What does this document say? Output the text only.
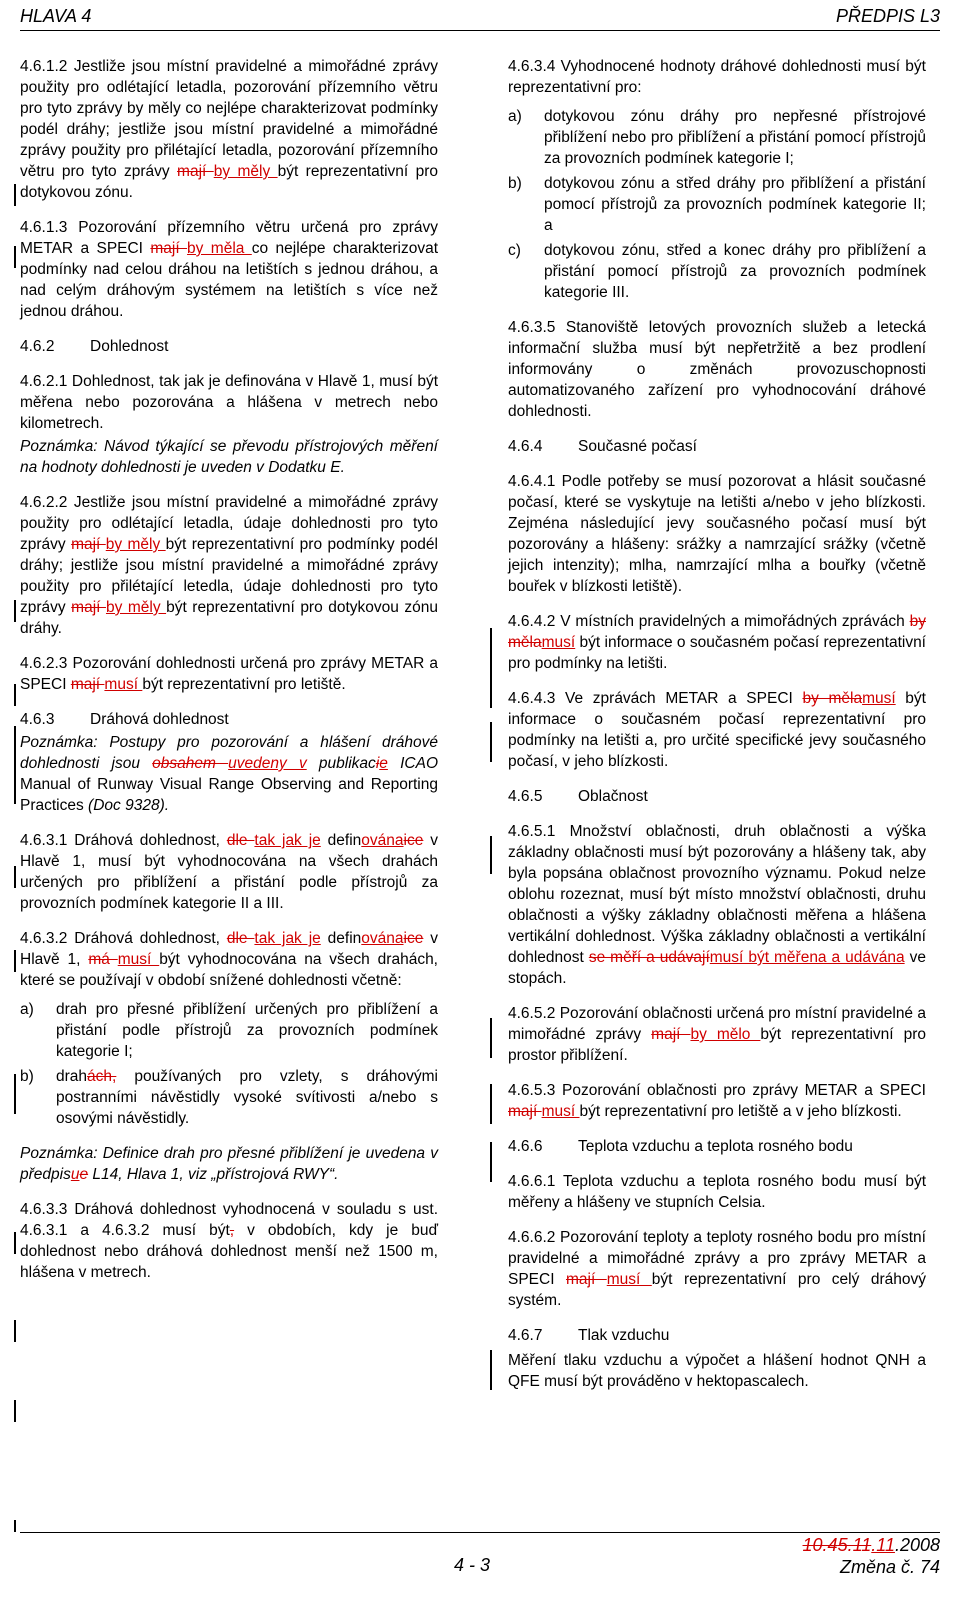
HLAVA 4	PŘEDPIS L3

4.6.1.2 Jestliže jsou místní pravidelné a mimořádné zprávy použity pro odlétající letadla, pozorování přízemního větru pro tyto zprávy by měly co nejlépe charakterizovat podmínky podél dráhy; jestliže jsou místní pravidelné a mimořádné zprávy použity pro přilétající letadla, pozorování přízemního větru pro tyto zprávy mají by měly být reprezentativní pro dotykovou zónu.

4.6.1.3 Pozorování přízemního větru určená pro zprávy METAR a SPECI mají by měla co nejlépe charakterizovat podmínky nad celou dráhou na letištích s jednou dráhou, a nad celým dráhovým systémem na letištích s více než jednou dráhou.

4.6.2 Dohlednost

4.6.2.1 Dohlednost, tak jak je definována v Hlavě 1, musí být měřena nebo pozorována a hlášena v metrech nebo kilometrech.

Poznámka: Návod týkající se převodu přístrojových měření na hodnoty dohlednosti je uveden v Dodatku E.

4.6.2.2 Jestliže jsou místní pravidelné a mimořádné zprávy použity pro odlétající letadla, údaje dohlednosti pro tyto zprávy mají by měly být reprezentativní pro podmínky podél dráhy; jestliže jsou místní pravidelné a mimořádné zprávy použity pro přilétající letedla, údaje dohlednosti pro tyto zprávy mají by měly být reprezentativní pro dotykovou zónu dráhy.

4.6.2.3 Pozorování dohlednosti určená pro zprávy METAR a SPECI mají musí být reprezentativní pro letiště.

4.6.3 Dráhová dohlednost

Poznámka: Postupy pro pozorování a hlášení dráhové dohlednosti jsou obsahem uvedeny v publikacie ICAO Manual of Runway Visual Range Observing and Reporting Practices (Doc 9328).

4.6.3.1 Dráhová dohlednost, dle tak jak je definovánaice v Hlavě 1, musí být vyhodnocována na všech drahách určených pro přiblížení a přistání podle přístrojů za provozních podmínek kategorie II a III.

4.6.3.2 Dráhová dohlednost, dle tak jak je definovánaice v Hlavě 1, má musí být vyhodnocována na všech drahách, které se používají v období snížené dohlednosti včetně:

a) drah pro přesné přiblížení určených pro přiblížení a přistání podle přístrojů za provozních podmínek kategorie I;
b) drahách, používaných pro vzlety, s dráhovými postranními návěstidly vysoké svítivosti a/nebo s osovými návěstidly.

Poznámka: Definice drah pro přesné přiblížení je uvedena v předpisue L14, Hlava 1, viz „přístrojová RWY“.

4.6.3.3 Dráhová dohlednost vyhodnocená v souladu s ust. 4.6.3.1 a 4.6.3.2 musí být, v obdobích, kdy je buď dohlednost nebo dráhová dohlednost menší než 1500 m, hlášena v metrech.

4.6.3.4 Vyhodnocené hodnoty dráhové dohlednosti musí být reprezentativní pro:

a) dotykovou zónu dráhy pro nepřesné přístrojové přiblížení nebo pro přiblížení a přistání pomocí přístrojů za provozních podmínek kategorie I;
b) dotykovou zónu a střed dráhy pro přiblížení a přistání pomocí přístrojů za provozních podmínek kategorie II; a
c) dotykovou zónu, střed a konec dráhy pro přiblížení a přistání pomocí přístrojů za provozních podmínek kategorie III.

4.6.3.5 Stanoviště letových provozních služeb a letecká informační služba musí být nepřetržitě a bez prodlení informovány o změnách provozuschopnosti automatizovaného zařízení pro vyhodnocování dráhové dohlednosti.

4.6.4 Současné počasí

4.6.4.1 Podle potřeby se musí pozorovat a hlásit současné počasí, které se vyskytuje na letišti a/nebo v jeho blízkosti. Zejména následující jevy současného počasí musí být pozorovány a hlášeny: srážky a namrzající srážky (včetně jejich intenzity); mlha, namrzající mlha a bouřky (včetně bouřek v blízkosti letiště).

4.6.4.2 V místních pravidelných a mimořádných zprávách by mělamusí být informace o současném počasí reprezentativní pro podmínky na letišti.

4.6.4.3 Ve zprávách METAR a SPECI by mělamusí být informace o současném počasí reprezentativní pro podmínky na letišti a, pro určité specifické jevy současného počasí, v jeho blízkosti.

4.6.5 Oblačnost

4.6.5.1 Množství oblačnosti, druh oblačnosti a výška základny oblačnosti musí být pozorovány a hlášeny tak, aby byla popsána oblačnost provozního významu. Pokud nelze oblohu rozeznat, musí být místo množství oblačnosti, druhu oblačnosti a výšky základny oblačnosti měřena a hlášena vertikální dohlednost. Výška základny oblačnosti a vertikální dohlednost se měří a udávajímusí být měřena a udávána ve stopách.

4.6.5.2 Pozorování oblačnosti určená pro místní pravidelné a mimořádné zprávy mají by mělo být reprezentativní pro prostor přiblížení.

4.6.5.3 Pozorování oblačnosti pro zprávy METAR a SPECI mají musí být reprezentativní pro letiště a v jeho blízkosti.

4.6.6 Teplota vzduchu a teplota rosného bodu

4.6.6.1 Teplota vzduchu a teplota rosného bodu musí být měřeny a hlášeny ve stupních Celsia.

4.6.6.2 Pozorování teploty a teploty rosného bodu pro místní pravidelné a mimořádné zprávy a pro zprávy METAR a SPECI mají musí být reprezentativní pro celý dráhový systém.

4.6.7 Tlak vzduchu

Měření tlaku vzduchu a výpočet a hlášení hodnot QNH a QFE musí být prováděno v hektopascalech.

4 - 3
10.45.11.11.2008
Změna č. 74
